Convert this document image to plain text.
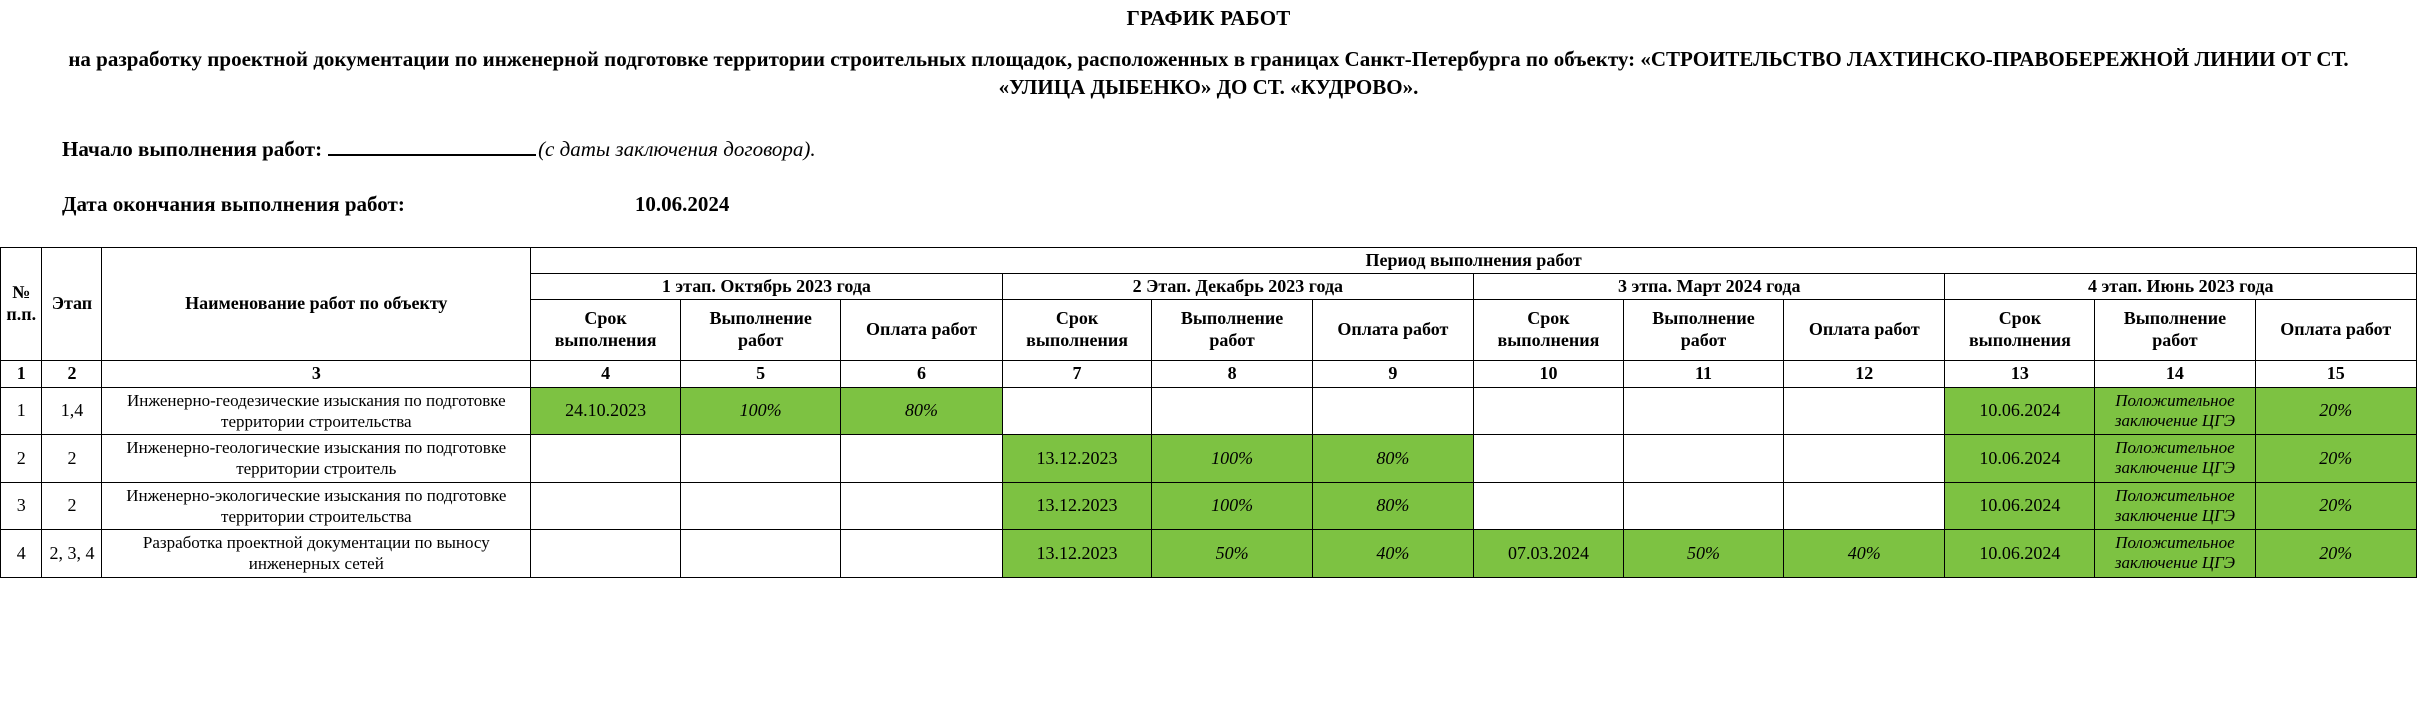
ГРАФИК РАБОТ
на разработку проектной документации по инженерной подготовке территории строительных площадок, расположенных в границах Санкт-Петербурга по объекту: «СТРОИТЕЛЬСТВО ЛАХТИНСКО-ПРАВОБЕРЕЖНОЙ ЛИНИИ ОТ СТ. «УЛИЦА ДЫБЕНКО» ДО СТ. «КУДРОВО».
Начало выполнения работ:	(с даты заключения договора).
Дата окончания выполнения работ:	10.06.2024
№ п.п.	Этап	Наименование работ по объекту	Период выполнения работ											
			1 этап. Октябрь 2023 года			2 Этап. Декабрь 2023 года			3 этпа. Март 2024 года			4 этап. Июнь 2023 года		
			Срок выполнения	Выполнение работ	Оплата работ	Срок выполнения	Выполнение работ	Оплата работ	Срок выполнения	Выполнение работ	Оплата работ	Срок выполнения	Выполнение работ	Оплата работ
1	2	3	4	5	6	7	8	9	10	11	12	13	14	15
1	1,4	Инженерно-геодезические изыскания по подготовке территории строительства	24.10.2023	100%	80%							10.06.2024	Положительное заключение ЦГЭ	20%
2	2	Инженерно-геологические изыскания по подготовке территории строитель				13.12.2023	100%	80%				10.06.2024	Положительное заключение ЦГЭ	20%
3	2	Инженерно-экологические изыскания по подготовке территории строительства				13.12.2023	100%	80%				10.06.2024	Положительное заключение ЦГЭ	20%
4	2, 3, 4	Разработка проектной документации по выносу инженерных сетей				13.12.2023	50%	40%	07.03.2024	50%	40%	10.06.2024	Положительное заключение ЦГЭ	20%
